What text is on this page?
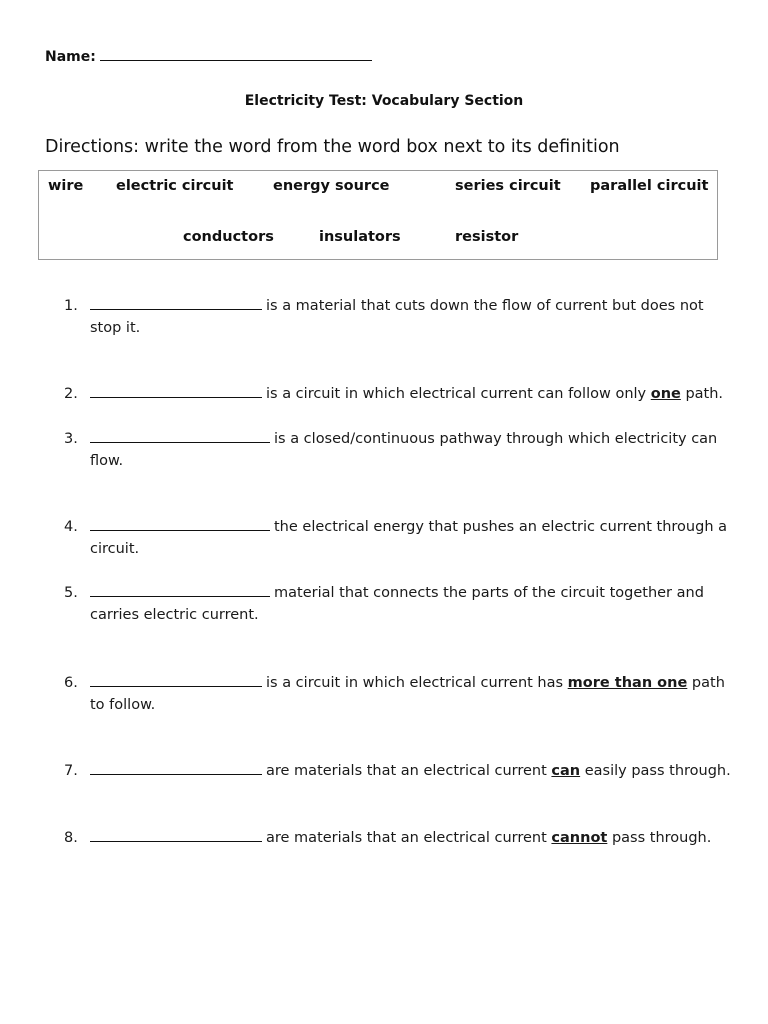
Name:
Electricity Test: Vocabulary Section
Directions: write the word from the word box next to its definition
wire electric circuit	energy source	series circuit parallel circuit
conductors	insulators	resistor
1.	is a material that cuts down the flow of current but does not stop it.
2.	is a circuit in which electrical current can follow only one path.
3.	is a closed/continuous pathway through which electricity can flow.
4.	the electrical energy that pushes an electric current through a circuit.
5.	material that connects the parts of the circuit together and carries electric current.
6.	is a circuit in which electrical current has more than one path to follow.
7.	are materials that an electrical current can easily pass through.
8.	are materials that an electrical current cannot pass through.
